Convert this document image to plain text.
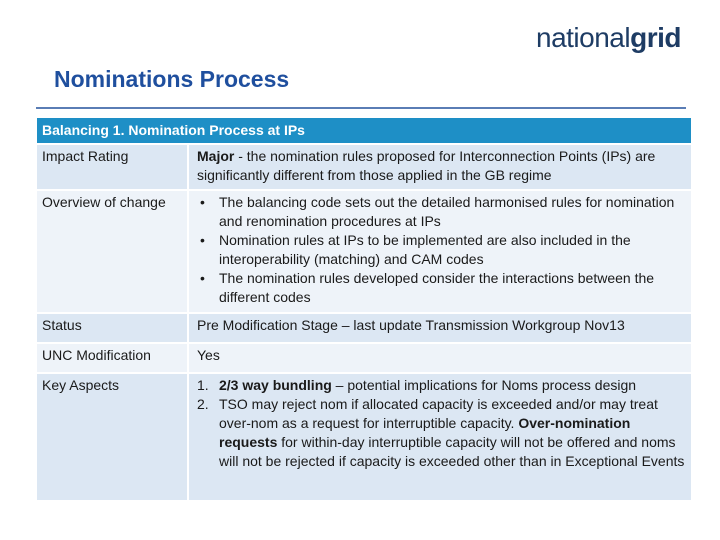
nationalgrid
Nominations Process
Balancing 1. Nomination Process at IPs
Impact Rating	Major - the nomination rules proposed for Interconnection Points (IPs) are significantly different from those applied in the GB regime
Overview of change	• The balancing code sets out the detailed harmonised rules for nomination and renomination procedures at IPs
• Nomination rules at IPs to be implemented are also included in the interoperability (matching) and CAM codes
• The nomination rules developed consider the interactions between the different codes
Status	Pre Modification Stage – last update Transmission Workgroup Nov13
UNC Modification	Yes
Key Aspects	1. 2/3 way bundling – potential implications for Noms process design
2. TSO may reject nom if allocated capacity is exceeded and/or may treat over-nom as a request for interruptible capacity. Over-nomination requests for within-day interruptible capacity will not be offered and noms will not be rejected if capacity is exceeded other than in Exceptional Events
